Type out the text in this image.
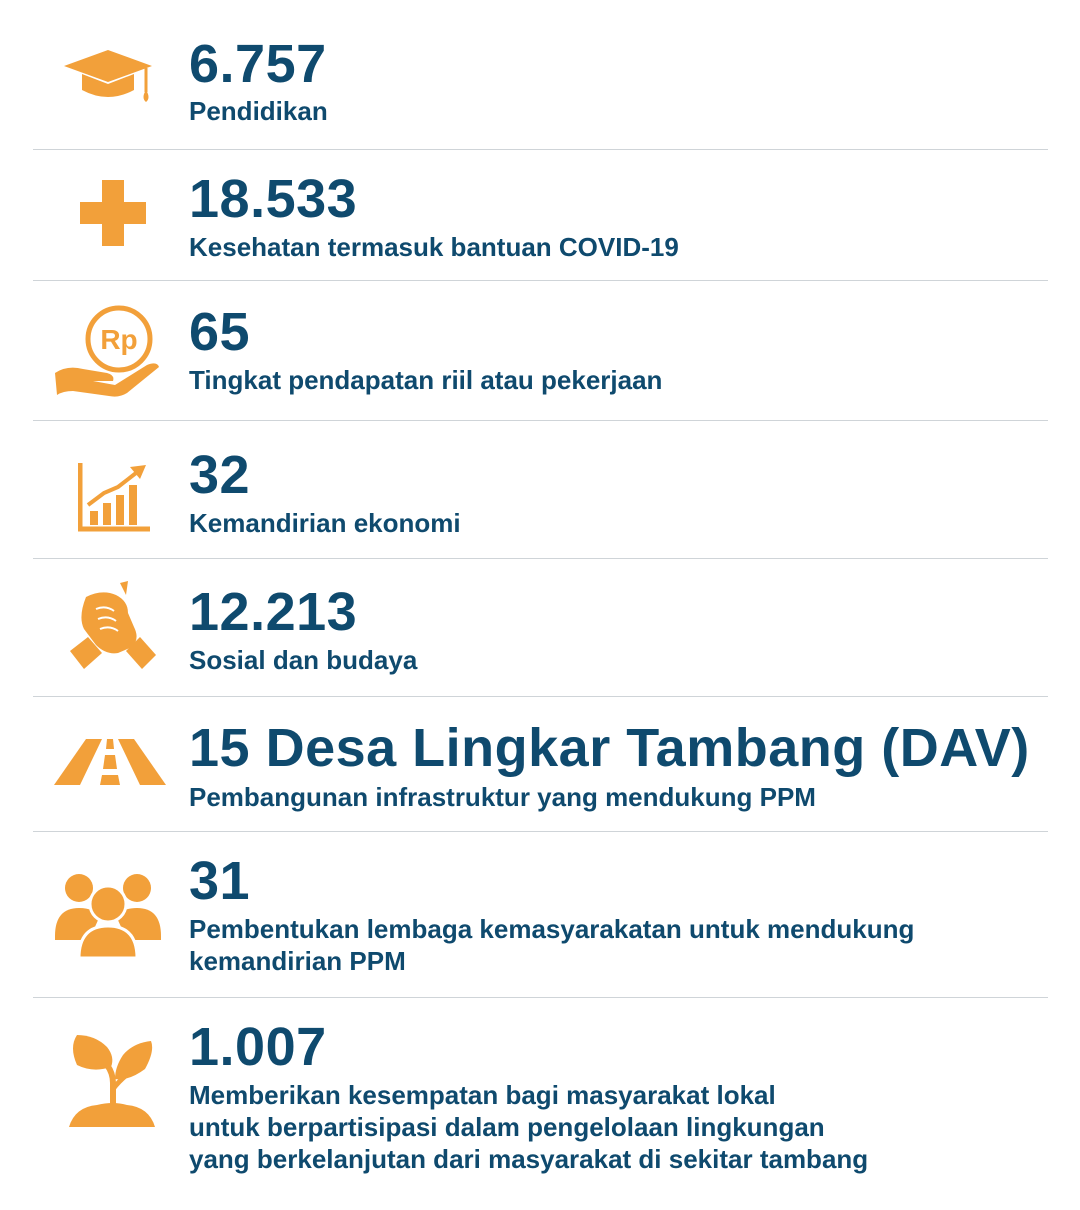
6.757

Pendidikan

18.533

Kesehatan termasuk bantuan COVID-19

Rp 65

Tingkat pendapatan riil atau pekerjaan

32

Kemandirian ekonomi

12.213

Sosial dan budaya

15 Desa Lingkar Tambang (DAV)

Pembangunan infrastruktur yang mendukung PPM

31

Pembentukan lembaga kemasyarakatan untuk mendukung

kemandirian PPM

1.007

Memberikan kesempatan bagi masyarakat lokal

untuk berpartisipasi dalam pengelolaan lingkungan

yang berkelanjutan dari masyarakat di sekitar tambang
